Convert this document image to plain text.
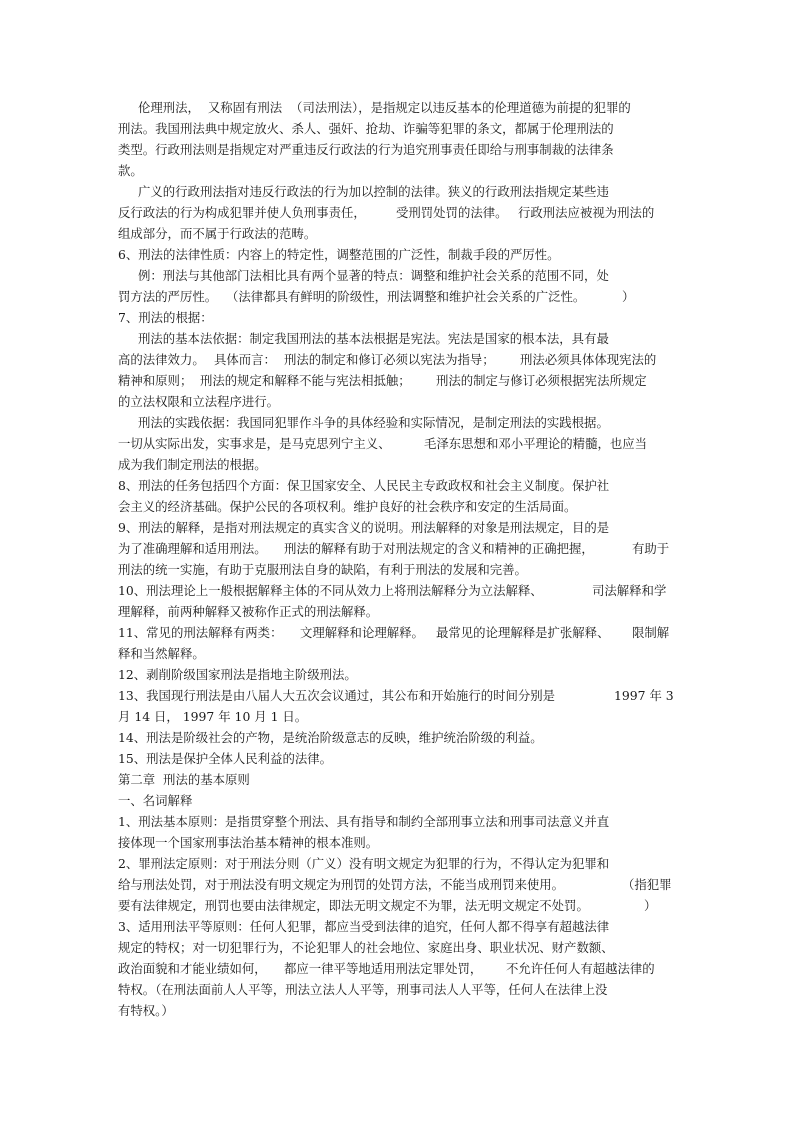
伦理刑法，  又称固有刑法  （司法刑法），是指规定以违反基本的伦理道德为前提的犯罪的
刑法。我国刑法典中规定放火、杀人、强奸、抢劫、诈骗等犯罪的条文，都属于伦理刑法的
类型。行政刑法则是指规定对严重违反行政法的行为追究刑事责任即给与刑事制裁的法律条
款。
广义的行政刑法指对违反行政法的行为加以控制的法律。狭义的行政刑法指规定某些违

反行政法的行为构成犯罪并使人负刑事责任，

受刑罚处罚的法律。

行政刑法应被视为刑法的

组成部分，而不属于行政法的范畴。
6、刑法的法律性质：内容上的特定性，调整范围的广泛性，制裁手段的严厉性。
例：刑法与其他部门法相比具有两个显著的特点：调整和维护社会关系的范围不同，处

罚方法的严厉性。

（法律都具有鲜明的阶级性，刑法调整和维护社会关系的广泛性。

	）

7、刑法的根据：
刑法的基本法依据：制定我国刑法的基本法根据是宪法。宪法是国家的根本法，具有最

高的法律效力。

具体而言：

刑法的制定和修订必须以宪法为指导；

刑法必须具体体现宪法的

精神和原则；

刑法的规定和解释不能与宪法相抵触；

刑法的制定与修订必须根据宪法所规定

的立法权限和立法程序进行。
刑法的实践依据：我国同犯罪作斗争的具体经验和实际情况，是制定刑法的实践根据。

一切从实际出发，实事求是，是马克思列宁主义、

	毛泽东思想和邓小平理论的精髓，也应当

成为我们制定刑法的根据。
8、刑法的任务包括四个方面：保卫国家安全、人民民主专政政权和社会主义制度。保护社
会主义的经济基础。保护公民的各项权利。维护良好的社会秩序和安定的生活局面。
9、刑法的解释，是指对刑法规定的真实含义的说明。刑法解释的对象是刑法规定，目的是

为了准确理解和适用刑法。

刑法的解释有助于对刑法规定的含义和精神的正确把握，

	有助于

刑法的统一实施，有助于克服刑法自身的缺陷，有利于刑法的发展和完善。

10、刑法理论上一般根据解释主体的不同从效力上将刑法解释分为立法解释、

	司法解释和学

理解释，前两种解释又被称作正式的刑法解释。

11、常见的刑法解释有两类：

文理解释和论理解释。

最常见的论理解释是扩张解释、

限制解

释和当然解释。
12、剥削阶级国家刑法是指地主阶级刑法。

13、我国现行刑法是由八届人大五次会议通过，其公布和开始施行的时间分别是

	1997 年 3

月 14 日， 1997 年 10 月 1 日。
14、刑法是阶级社会的产物，是统治阶级意志的反映，维护统治阶级的利益。
15、刑法是保护全体人民利益的法律。
第二章  刑法的基本原则
一、名词解释
1、刑法基本原则：是指贯穿整个刑法、具有指导和制约全部刑事立法和刑事司法意义并直
接体现一个国家刑事法治基本精神的根本准则。
2、罪刑法定原则：对于刑法分则（广义）没有明文规定为犯罪的行为，不得认定为犯罪和

给与刑法处罚，对于刑法没有明文规定为刑罚的处罚方法，不能当成刑罚来使用。

	（指犯罪

要有法律规定，刑罚也要由法律规定，即法无明文规定不为罪，法无明文规定不处罚。

	）

3、适用刑法平等原则：任何人犯罪，都应当受到法律的追究，任何人都不得享有超越法律
规定的特权；对一切犯罪行为，不论犯罪人的社会地位、家庭出身、职业状况、财产数额、

政治面貌和才能业绩如何，

都应一律平等地适用刑法定罪处罚，

不允许任何人有超越法律的

特权。（在刑法面前人人平等，刑法立法人人平等，刑事司法人人平等，任何人在法律上没
有特权。）
